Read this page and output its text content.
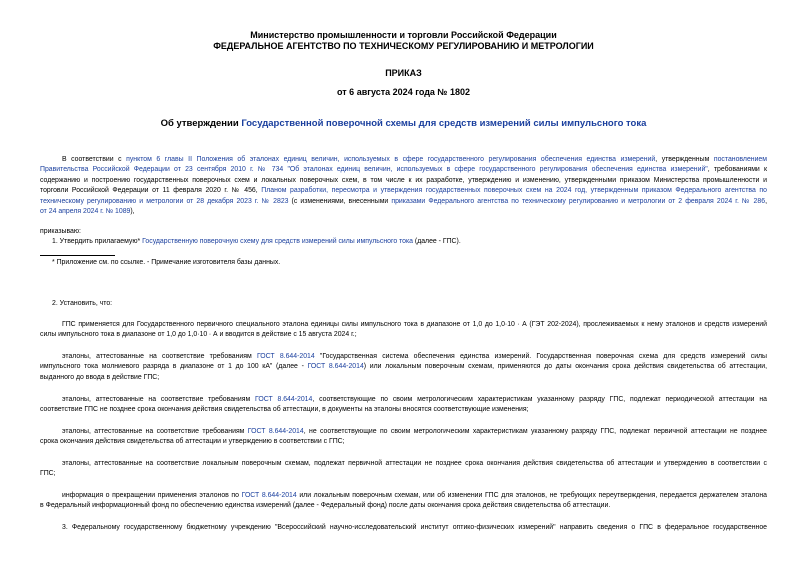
Министерство промышленности и торговли Российской Федерации
ФЕДЕРАЛЬНОЕ АГЕНТСТВО ПО ТЕХНИЧЕСКОМУ РЕГУЛИРОВАНИЮ И МЕТРОЛОГИИ
ПРИКАЗ
от 6 августа 2024 года № 1802
Об утверждении Государственной поверочной схемы для средств измерений силы импульсного тока
В соответствии с пунктом 6 главы II Положения об эталонах единиц величин, используемых в сфере государственного регулирования обеспечения единства измерений, утвержденным постановлением
Правительства Российской Федерации от 23 сентября 2010 г. № 734 "Об эталонах единиц величин, используемых в сфере государственного регулирования обеспечения единства измерений", требованиями к
содержанию и построению государственных поверочных схем и локальных поверочных схем, в том числе к их разработке, утверждению и изменению, утвержденными приказом Министерства промышленности и
торговли Российской Федерации от 11 февраля 2020 г. № 456, Планом разработки, пересмотра и утверждения государственных поверочных схем на 2024 год, утвержденным приказом Федерального агентства по
техническому регулированию и метрологии от 28 декабря 2023 г. № 2823 (с изменениями, внесенными приказами Федерального агентства по техническому регулированию и метрологии от 2 февраля 2024 г. № 286,
от 24 апреля 2024 г. № 1089),
приказываю:
1. Утвердить прилагаемую* Государственную поверочную схему для средств измерений силы импульсного тока (далее - ГПС).
* Приложение см. по ссылке. - Примечание изготовителя базы данных.
2. Установить, что:
ГПС применяется для Государственного первичного специального эталона единицы силы импульсного тока в диапазоне от 1,0 до 1,0·10 ∙ А (ГЭТ 202-2024), прослеживаемых к нему эталонов и средств измерений
силы импульсного тока в диапазоне от 1,0 до 1,0·10 ∙ А и вводится в действие с 15 августа 2024 г.;
эталоны, аттестованные на соответствие требованиям ГОСТ 8.644-2014 "Государственная система обеспечения единства измерений. Государственная поверочная схема для средств измерений силы
импульсного тока молниевого разряда в диапазоне от 1 до 100 кА" (далее - ГОСТ 8.644-2014) или локальным поверочным схемам, применяются до даты окончания срока действия свидетельства об аттестации,
выданного до ввода в действие ГПС;
эталоны, аттестованные на соответствие требованиям ГОСТ 8.644-2014, соответствующие по своим метрологическим характеристикам указанному разряду ГПС, подлежат периодической аттестации на
соответствие ГПС не позднее срока окончания действия свидетельства об аттестации, в документы на эталоны вносятся соответствующие изменения;
эталоны, аттестованные на соответствие требованиям ГОСТ 8.644-2014, не соответствующие по своим метрологическим характеристикам указанному разряду ГПС, подлежат первичной аттестации не позднее
срока окончания действия свидетельства об аттестации и утверждению в соответствии с ГПС;
эталоны, аттестованные на соответствие локальным поверочным схемам, подлежат первичной аттестации не позднее срока окончания действия свидетельства об аттестации и утверждению в соответствии с
ГПС;
информация о прекращении применения эталонов по ГОСТ 8.644-2014 или локальным поверочным схемам, или об изменении ГПС для эталонов, не требующих переутверждения, передается держателем эталона
в Федеральный информационный фонд по обеспечению единства измерений (далее - Федеральный фонд) после даты окончания срока действия свидетельства об аттестации.
3. Федеральному государственному бюджетному учреждению "Всероссийский научно-исследовательский институт оптико-физических измерений" направить сведения о ГПС в федеральное государственное
